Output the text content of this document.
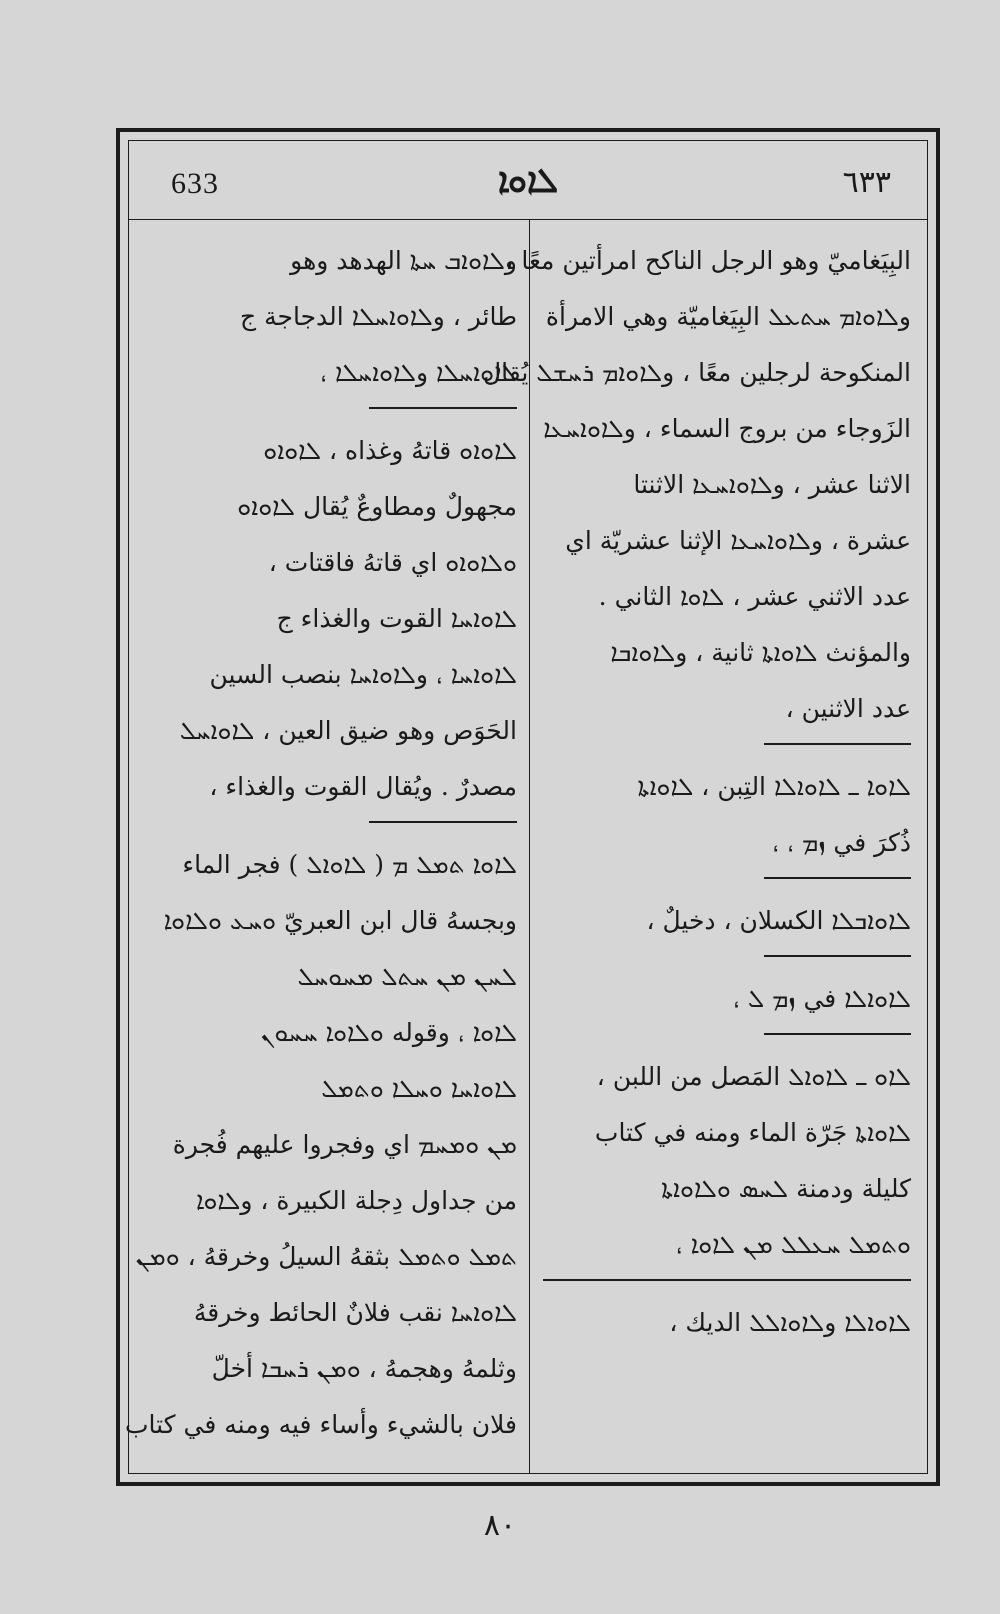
633	ܠܐܘܐ	٦٣٣
البِيَغاميّ وهو الرجل الناكح امرأتين معًا ،
وܠܐܘܐܡ ܚܬܥܠ البِيَغاميّة وهي الامرأة
المنكوحة لرجلين معًا ، وܠܐܘܐܡ ܪܚܫܠ يُقال
الزَوجاء من بروج السماء ، وܠܐܘܐܚܥܐ
الاثنا عشر ، وܠܐܘܐܚܥܐ الاثنتا
عشرة ، وܠܐܘܐܚܥܐ الإثنا عشريّة اي
عدد الاثني عشر ، ܠܐܘܐ الثاني .
والمؤنث ܠܐܘܐܬܐ ثانية ، وܠܐܘܐܒܐ
عدد الاثنين ،
ܠܐܘܐ ـ ܠܐܘܐܠܐ التِبن ، ܠܐܘܐܬܐ
ذُكرَ في ܙܡ ، ،
ܠܐܘܐܒܠܐ الكسلان ، دخيلٌ ،
ܠܐܘܐܠܐ في ܙܡ ܠ ،
ܠܐܘ ـ ܠܐܘܐܠ المَصل من اللبن ،
ܠܐܘܐܬܐ جَرّة الماء ومنه في كتاب
كليلة ودمنة ܠܚܣ ܘܠܐܘܐܬܐ
ܘܬܡܠ ܚܥܠܠ ܡܢ ܠܐܘܐ ،
ܠܐܘܐܠܐ وܠܐܘܐܠܠ الديك ،
وܠܐܘܐܒ ܚܬܐ الهدهد وهو
طائر ، وܠܐܘܐܚܠܐ الدجاجة ج
ܠܐܘܐܚܠܐ وܠܐܘܐܚܠܐ ،
ܠܐܘܐܘ قاتهُ وغذاه ، ܠܐܘܐܘ
مجهولٌ ومطاوعٌ يُقال ܠܐܘܐܘ
ܘܠܐܘܐܘ اي قاتهُ فاقتات ،
ܠܐܘܐܚܐ القوت والغذاء ج
ܠܐܘܐܚܐ ، وܠܐܘܐܚܐ بنصب السين
الحَوَص وهو ضيق العين ، ܠܐܘܐܚܠ
مصدرٌ . ويُقال القوت والغذاء ،
ܠܐܘܐ ܬܡܠ ܡ ( ܠܐܘܐܠ ) فجر الماء
وبجسهُ قال ابن العبريّ ܘܚܥ ܘܠܐܘܐ
ܠܚܢ ܡܢ ܚܬܠ ܡܚܘܚܠ
ܠܐܘܐ ، وقوله ܘܠܐܘܐ ܚܚܘܢ
ܠܐܘܐܚܐ ܘܚܠܐ ܘܬܡܠ
ܡܢ ܘܡܚܡ اي وفجروا عليهم فُجرة
من جداول دِجلة الكبيرة ، وܠܐܘܐ
ܬܡܠ ܘܬܡܠ بثقهُ السيلُ وخرقهُ ، ܘܡܢ
ܠܐܘܐܚܐ نقب فلانٌ الحائط وخرقهُ
وثلمهُ وهجمهُ ، ܘܡܢ ܪܚܒܐ أخلّ
فلان بالشيء وأساء فيه ومنه في كتاب
٨٠
